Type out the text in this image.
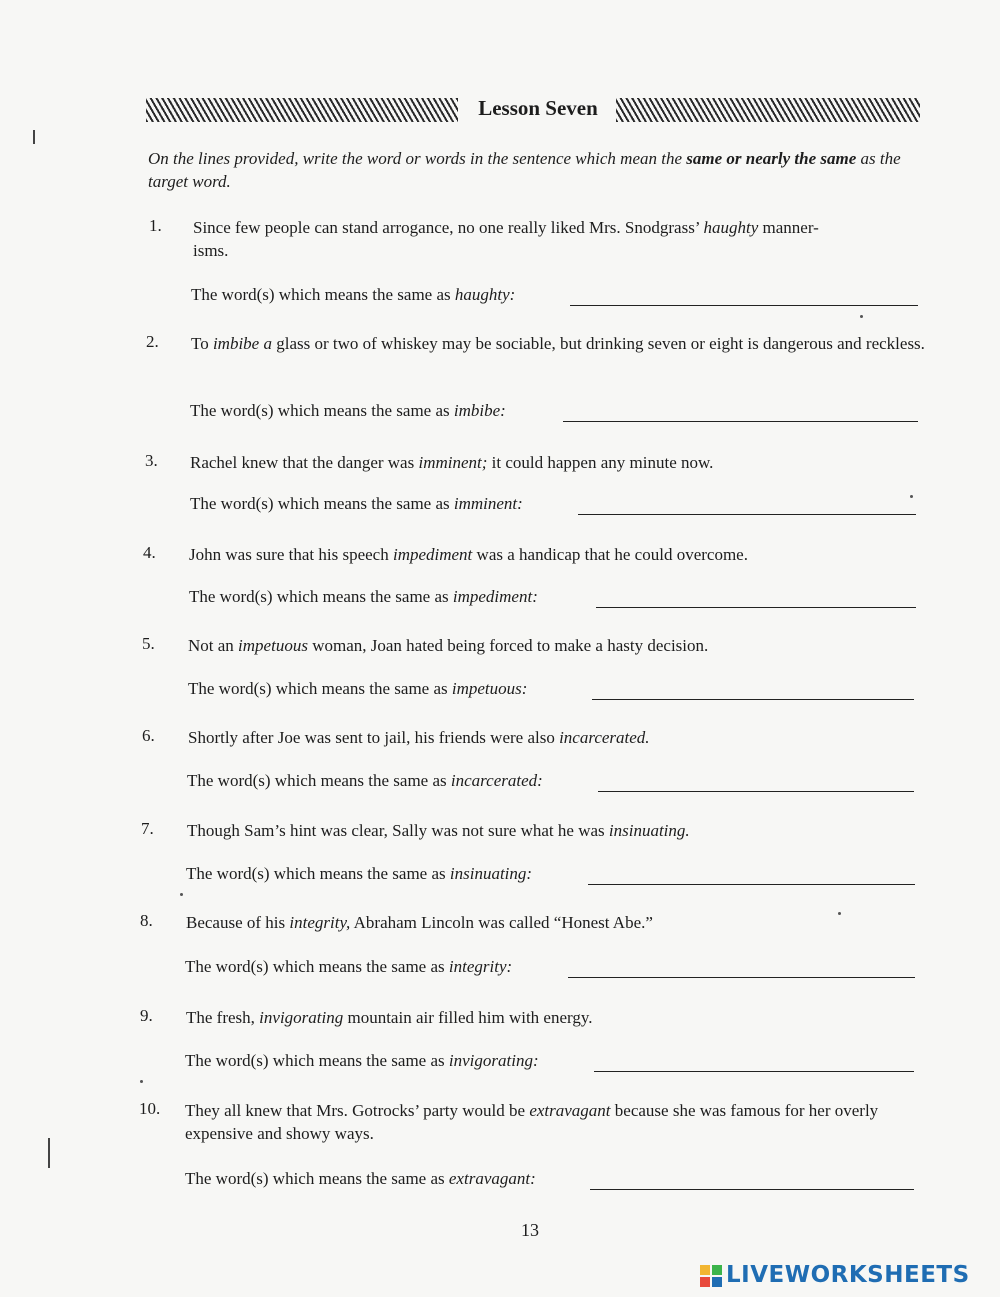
Lesson Seven
On the lines provided, write the word or words in the sentence which mean the same or nearly the same as the target word.
1. Since few people can stand arrogance, no one really liked Mrs. Snodgrass’ haughty manner-
isms.
The word(s) which means the same as haughty:
2. To imbibe a glass or two of whiskey may be sociable, but drinking seven or eight is dangerous and reckless.
The word(s) which means the same as imbibe:
3. Rachel knew that the danger was imminent; it could happen any minute now.
The word(s) which means the same as imminent:
4. John was sure that his speech impediment was a handicap that he could overcome.
The word(s) which means the same as impediment:
5. Not an impetuous woman, Joan hated being forced to make a hasty decision.
The word(s) which means the same as impetuous:
6. Shortly after Joe was sent to jail, his friends were also incarcerated.
The word(s) which means the same as incarcerated:
7. Though Sam’s hint was clear, Sally was not sure what he was insinuating.
The word(s) which means the same as insinuating:
8. Because of his integrity, Abraham Lincoln was called “Honest Abe.”
The word(s) which means the same as integrity:
9. The fresh, invigorating mountain air filled him with energy.
The word(s) which means the same as invigorating:
10. They all knew that Mrs. Gotrocks’ party would be extravagant because she was famous for her overly expensive and showy ways.
The word(s) which means the same as extravagant:
13
LIVEWORKSHEETS
